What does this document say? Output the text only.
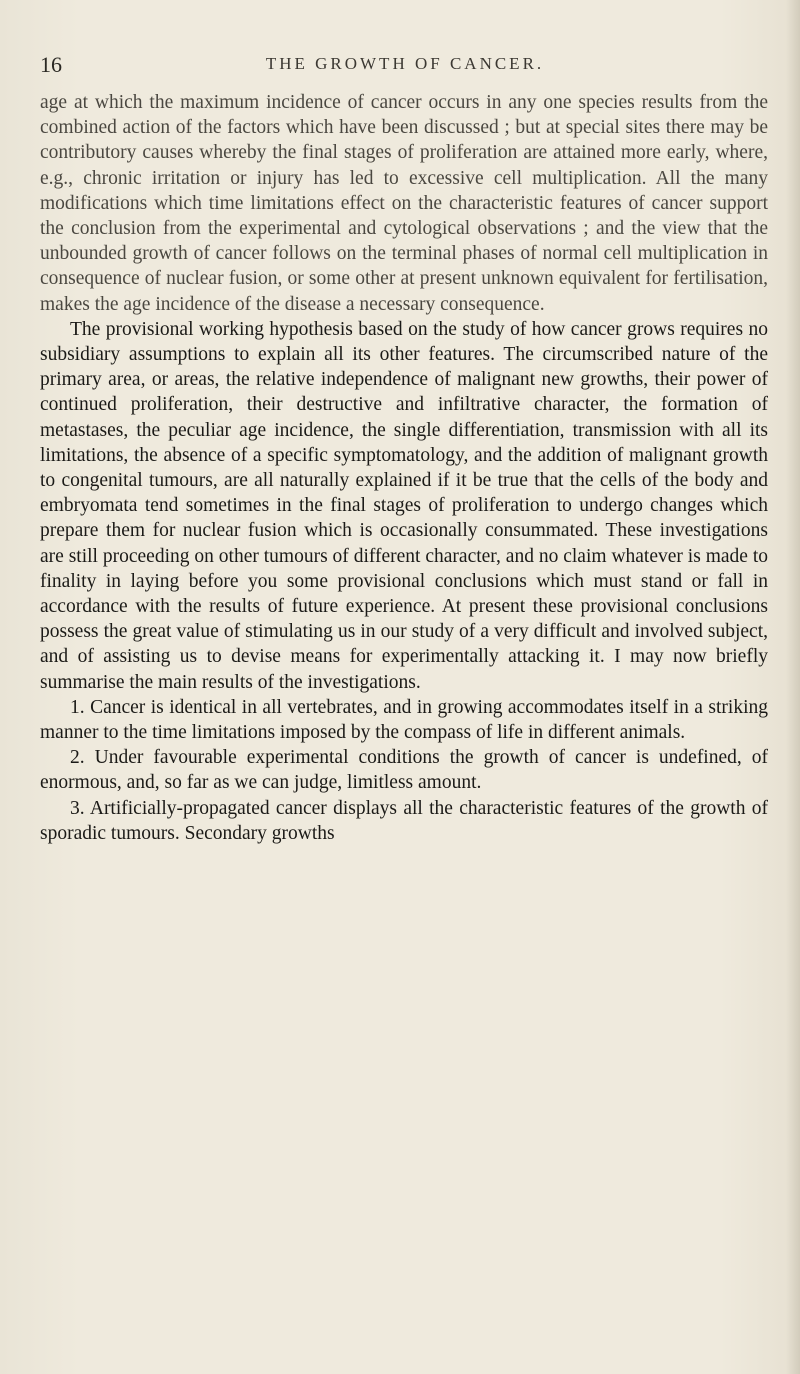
16	THE GROWTH OF CANCER.

age at which the maximum incidence of cancer occurs in any one species results from the combined action of the factors which have been discussed ; but at special sites there may be contributory causes whereby the final stages of proliferation are attained more early, where, e.g., chronic irritation or injury has led to excessive cell multiplication. All the many modifications which time limitations effect on the characteristic features of cancer support the conclusion from the experimental and cytological observations ; and the view that the unbounded growth of cancer follows on the terminal phases of normal cell multiplication in consequence of nuclear fusion, or some other at present unknown equivalent for fertilisation, makes the age incidence of the disease a necessary consequence.

The provisional working hypothesis based on the study of how cancer grows requires no subsidiary assumptions to explain all its other features. The circumscribed nature of the primary area, or areas, the relative independence of malignant new growths, their power of continued proliferation, their destructive and infiltrative character, the formation of metastases, the peculiar age incidence, the single differentiation, transmission with all its limitations, the absence of a specific symptomatology, and the addition of malignant growth to congenital tumours, are all naturally explained if it be true that the cells of the body and embryomata tend sometimes in the final stages of proliferation to undergo changes which prepare them for nuclear fusion which is occasionally consummated. These investigations are still proceeding on other tumours of different character, and no claim whatever is made to finality in laying before you some provisional conclusions which must stand or fall in accordance with the results of future experience. At present these provisional conclusions possess the great value of stimulating us in our study of a very difficult and involved subject, and of assisting us to devise means for experimentally attacking it. I may now briefly summarise the main results of the investigations.

1. Cancer is identical in all vertebrates, and in growing accommodates itself in a striking manner to the time limitations imposed by the compass of life in different animals.

2. Under favourable experimental conditions the growth of cancer is undefined, of enormous, and, so far as we can judge, limitless amount.

3. Artificially-propagated cancer displays all the characteristic features of the growth of sporadic tumours. Secondary growths
